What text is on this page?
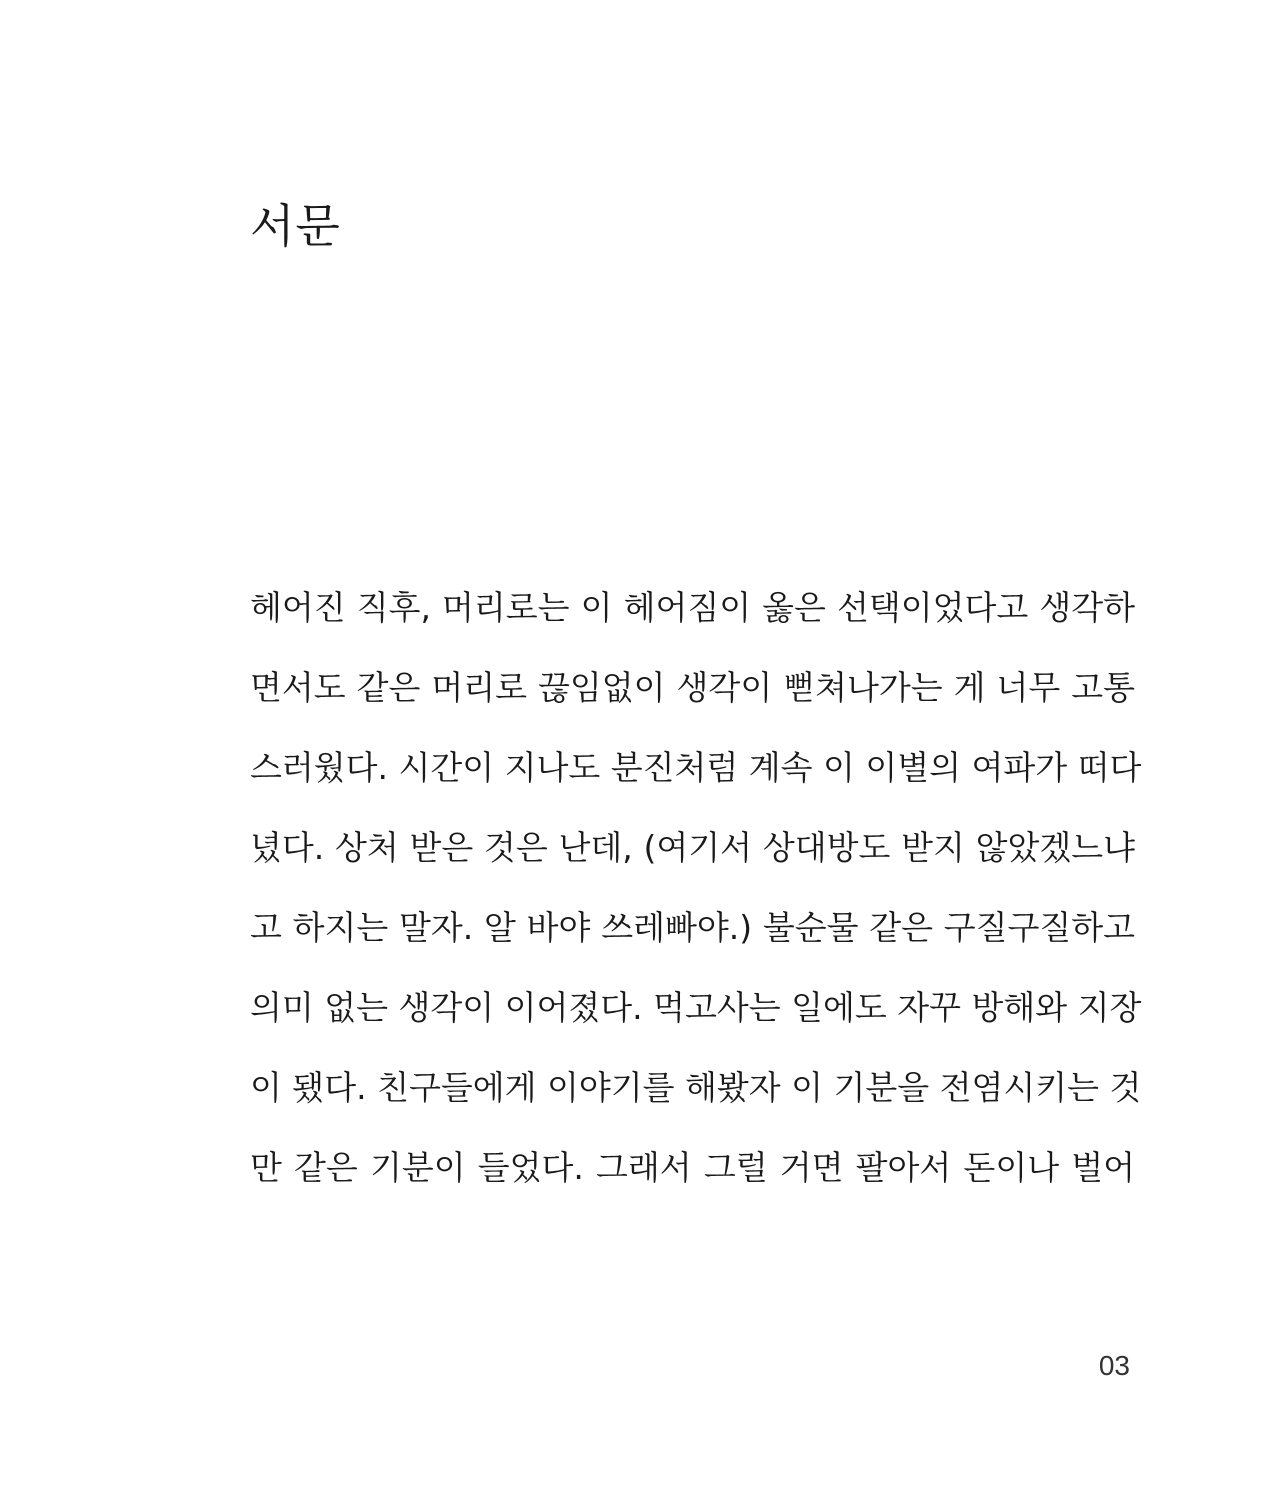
서문
헤어진 직후, 머리로는 이 헤어짐이 옳은 선택이었다고 생각하
면서도 같은 머리로 끊임없이 생각이 뻗쳐나가는 게 너무 고통
스러웠다. 시간이 지나도 분진처럼 계속 이 이별의 여파가 떠다
녔다. 상처 받은 것은 난데, (여기서 상대방도 받지 않았겠느냐
고 하지는 말자. 알 바야 쓰레빠야.) 불순물 같은 구질구질하고
의미 없는 생각이 이어졌다. 먹고사는 일에도 자꾸 방해와 지장
이 됐다. 친구들에게 이야기를 해봤자 이 기분을 전염시키는 것
만 같은 기분이 들었다. 그래서 그럴 거면 팔아서 돈이나 벌어
03
